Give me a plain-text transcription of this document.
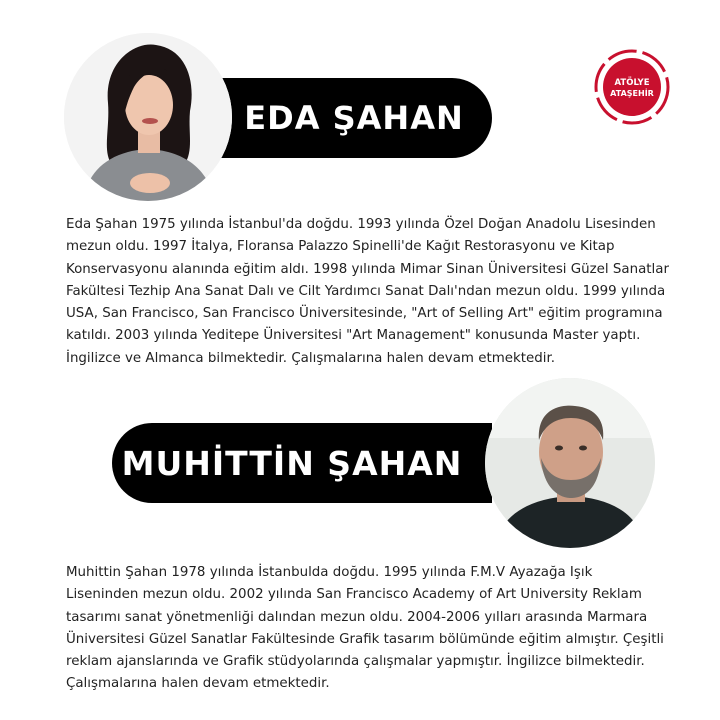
ATÖLYE
ATAŞEHİR
EDA ŞAHAN

Eda Şahan 1975 yılında İstanbul'da doğdu. 1993 yılında Özel Doğan Anadolu Lisesinden mezun oldu. 1997 İtalya, Floransa Palazzo Spinelli'de Kağıt Restorasyonu ve Kitap Konservasyonu alanında eğitim aldı. 1998 yılında Mimar Sinan Üniversitesi Güzel Sanatlar Fakültesi Tezhip Ana Sanat Dalı ve Cilt Yardımcı Sanat Dalı'ndan mezun oldu. 1999 yılında USA, San Francisco, San Francisco Üniversitesinde, "Art of Selling Art" eğitim programına katıldı. 2003 yılında Yeditepe Üniversitesi "Art Management" konusunda Master yaptı. İngilizce ve Almanca bilmektedir. Çalışmalarına halen devam etmektedir.

MUHİTTİN ŞAHAN

Muhittin Şahan 1978 yılında İstanbulda doğdu. 1995 yılında F.M.V Ayazağa Işık Liseninden mezun oldu. 2002 yılında San Francisco Academy of Art University Reklam tasarımı sanat yönetmenliği dalından mezun oldu. 2004-2006 yılları arasında Marmara Üniversitesi Güzel Sanatlar Fakültesinde Grafik tasarım bölümünde eğitim almıştır. Çeşitli reklam ajanslarında ve Grafik stüdyolarında çalışmalar yapmıştır. İngilizce bilmektedir. Çalışmalarına halen devam etmektedir.
